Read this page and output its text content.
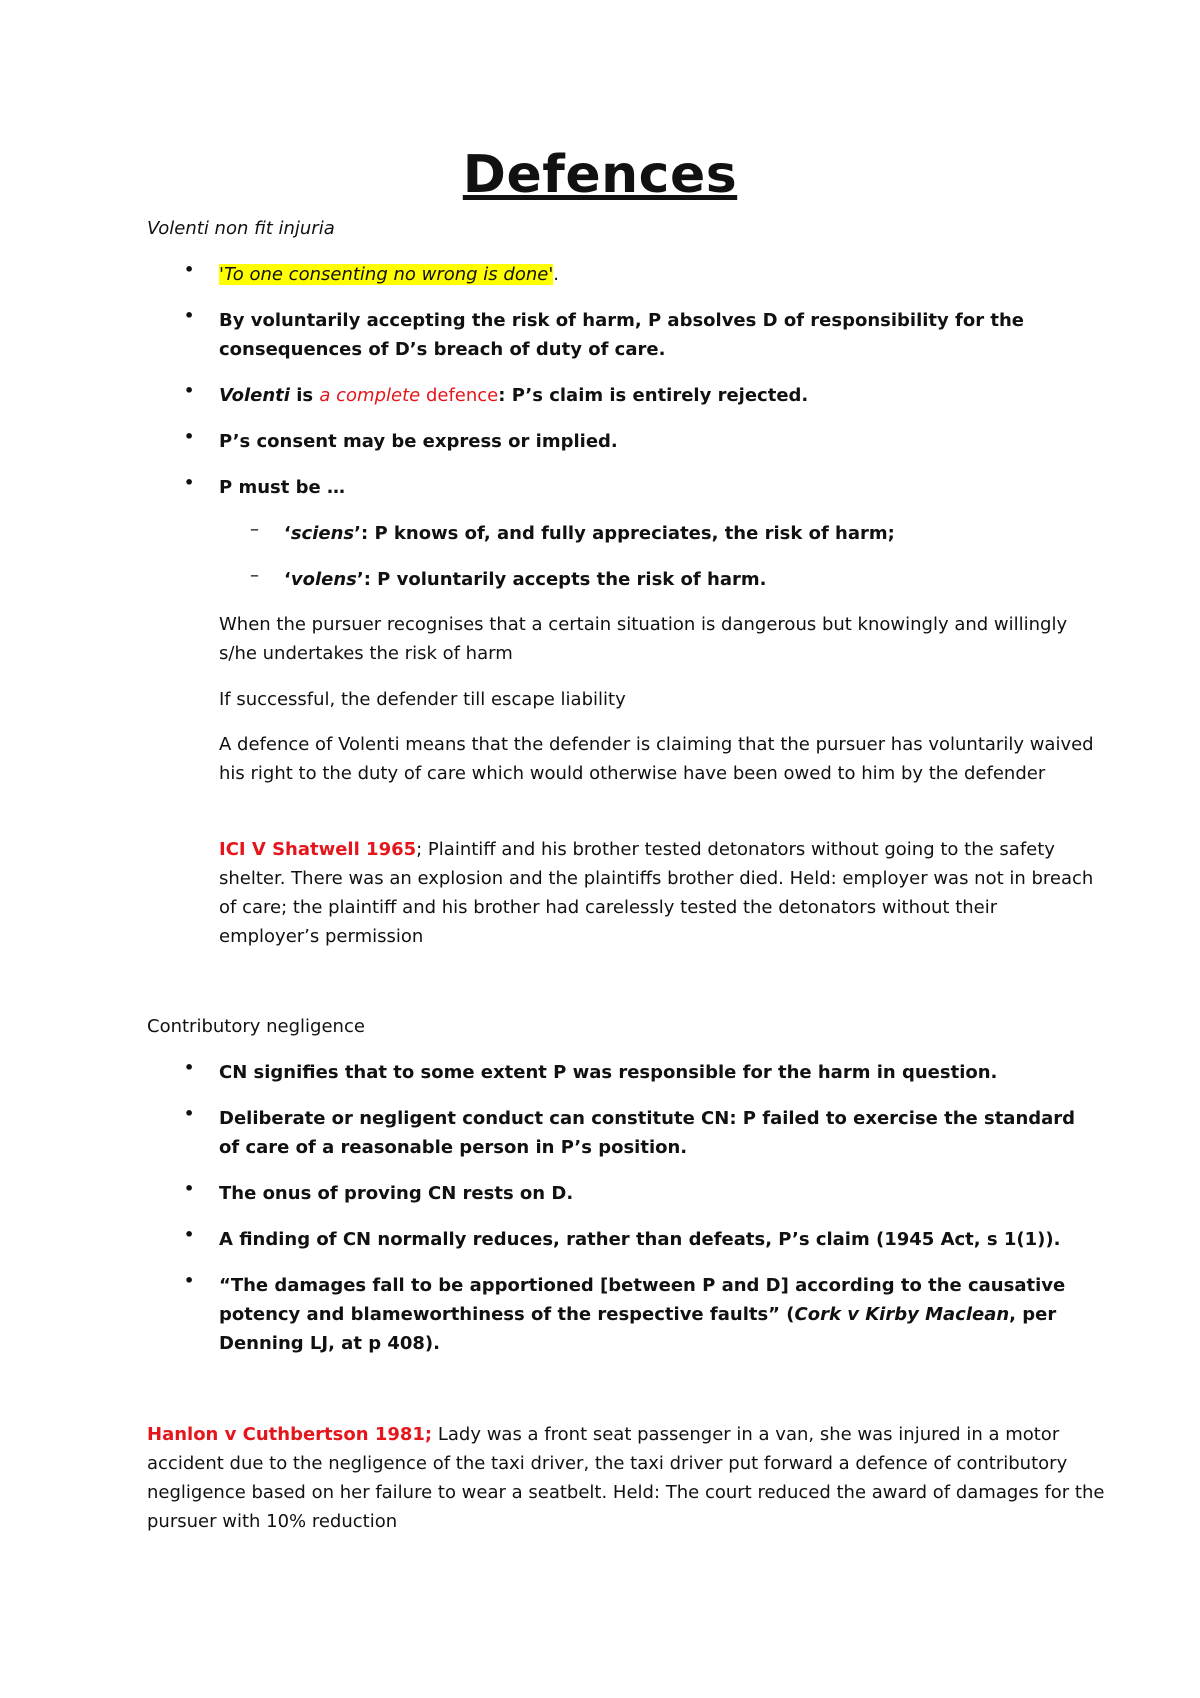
Defences
Volenti non fit injuria
• 'To one consenting no wrong is done'.
• By voluntarily accepting the risk of harm, P absolves D of responsibility for the consequences of D’s breach of duty of care.
• Volenti is a complete defence: P’s claim is entirely rejected.
• P’s consent may be express or implied.
• P must be …
– ‘sciens’: P knows of, and fully appreciates, the risk of harm;
– ‘volens’: P voluntarily accepts the risk of harm.
When the pursuer recognises that a certain situation is dangerous but knowingly and willingly s/he undertakes the risk of harm
If successful, the defender till escape liability
A defence of Volenti means that the defender is claiming that the pursuer has voluntarily waived his right to the duty of care which would otherwise have been owed to him by the defender
ICI V Shatwell 1965; Plaintiff and his brother tested detonators without going to the safety shelter. There was an explosion and the plaintiffs brother died. Held: employer was not in breach of care; the plaintiff and his brother had carelessly tested the detonators without their employer’s permission
Contributory negligence
• CN signifies that to some extent P was responsible for the harm in question.
• Deliberate or negligent conduct can constitute CN: P failed to exercise the standard of care of a reasonable person in P’s position.
• The onus of proving CN rests on D.
• A finding of CN normally reduces, rather than defeats, P’s claim (1945 Act, s 1(1)).
• “The damages fall to be apportioned [between P and D] according to the causative potency and blameworthiness of the respective faults” (Cork v Kirby Maclean, per Denning LJ, at p 408).
Hanlon v Cuthbertson 1981; Lady was a front seat passenger in a van, she was injured in a motor accident due to the negligence of the taxi driver, the taxi driver put forward a defence of contributory negligence based on her failure to wear a seatbelt. Held: The court reduced the award of damages for the pursuer with 10% reduction
